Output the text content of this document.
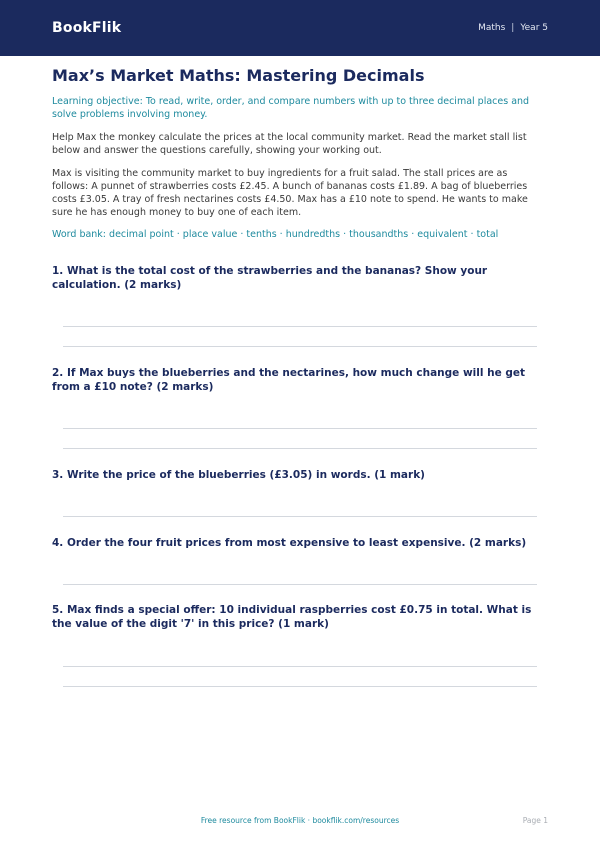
BookFlik	Maths | Year 5
Max’s Market Maths: Mastering Decimals
Learning objective: To read, write, order, and compare numbers with up to three decimal places and solve problems involving money.
Help Max the monkey calculate the prices at the local community market. Read the market stall list below and answer the questions carefully, showing your working out.
Max is visiting the community market to buy ingredients for a fruit salad. The stall prices are as follows: A punnet of strawberries costs £2.45. A bunch of bananas costs £1.89. A bag of blueberries costs £3.05. A tray of fresh nectarines costs £4.50. Max has a £10 note to spend. He wants to make sure he has enough money to buy one of each item.
Word bank: decimal point · place value · tenths · hundredths · thousandths · equivalent · total
1. What is the total cost of the strawberries and the bananas? Show your calculation. (2 marks)
2. If Max buys the blueberries and the nectarines, how much change will he get from a £10 note? (2 marks)
3. Write the price of the blueberries (£3.05) in words. (1 mark)
4. Order the four fruit prices from most expensive to least expensive. (2 marks)
5. Max finds a special offer: 10 individual raspberries cost £0.75 in total. What is the value of the digit '7' in this price? (1 mark)
Free resource from BookFlik · bookflik.com/resources	Page 1
